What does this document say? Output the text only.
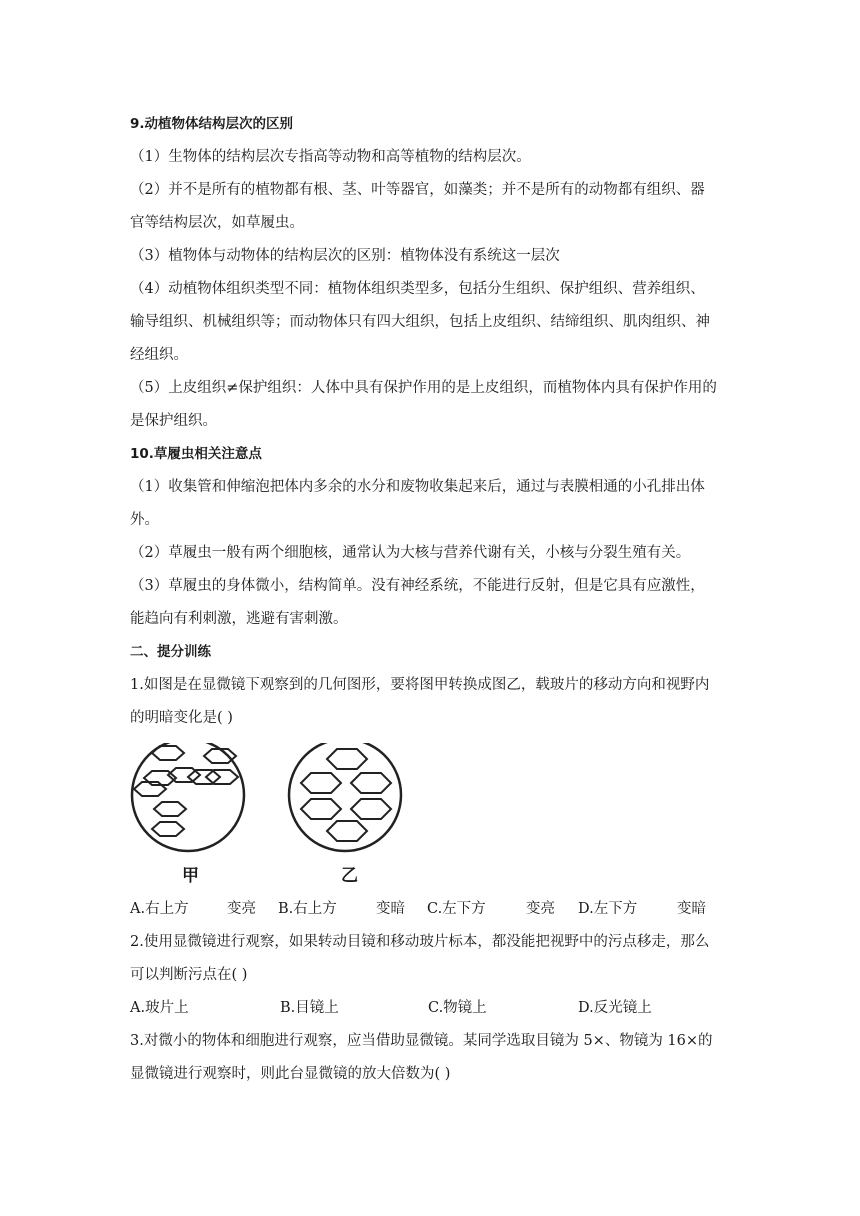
9.动植物体结构层次的区别
（1）生物体的结构层次专指高等动物和高等植物的结构层次。
（2）并不是所有的植物都有根、茎、叶等器官，如藻类；并不是所有的动物都有组织、器
官等结构层次，如草履虫。
（3）植物体与动物体的结构层次的区别：植物体没有系统这一层次
（4）动植物体组织类型不同：植物体组织类型多，包括分生组织、保护组织、营养组织、
输导组织、机械组织等；而动物体只有四大组织，包括上皮组织、结缔组织、肌肉组织、神
经组织。
（5）上皮组织≠保护组织：人体中具有保护作用的是上皮组织，而植物体内具有保护作用的
是保护组织。
10.草履虫相关注意点
（1）收集管和伸缩泡把体内多余的水分和废物收集起来后，通过与表膜相通的小孔排出体
外。
（2）草履虫一般有两个细胞核，通常认为大核与营养代谢有关，小核与分裂生殖有关。
（3）草履虫的身体微小，结构简单。没有神经系统，不能进行反射，但是它具有应激性，
能趋向有利刺激，逃避有害刺激。
二、提分训练
1.如图是在显微镜下观察到的几何图形，要将图甲转换成图乙，载玻片的移动方向和视野内
的明暗变化是( )
甲	乙
A.右上方	变亮	B.右上方	变暗	C.左下方	变亮	D.左下方	变暗
2.使用显微镜进行观察，如果转动目镜和移动玻片标本，都没能把视野中的污点移走，那么
可以判断污点在( )
A.玻片上	B.目镜上	C.物镜上	D.反光镜上
3.对微小的物体和细胞进行观察，应当借助显微镜。某同学选取目镜为 5×、物镜为 16×的
显微镜进行观察时，则此台显微镜的放大倍数为( )
